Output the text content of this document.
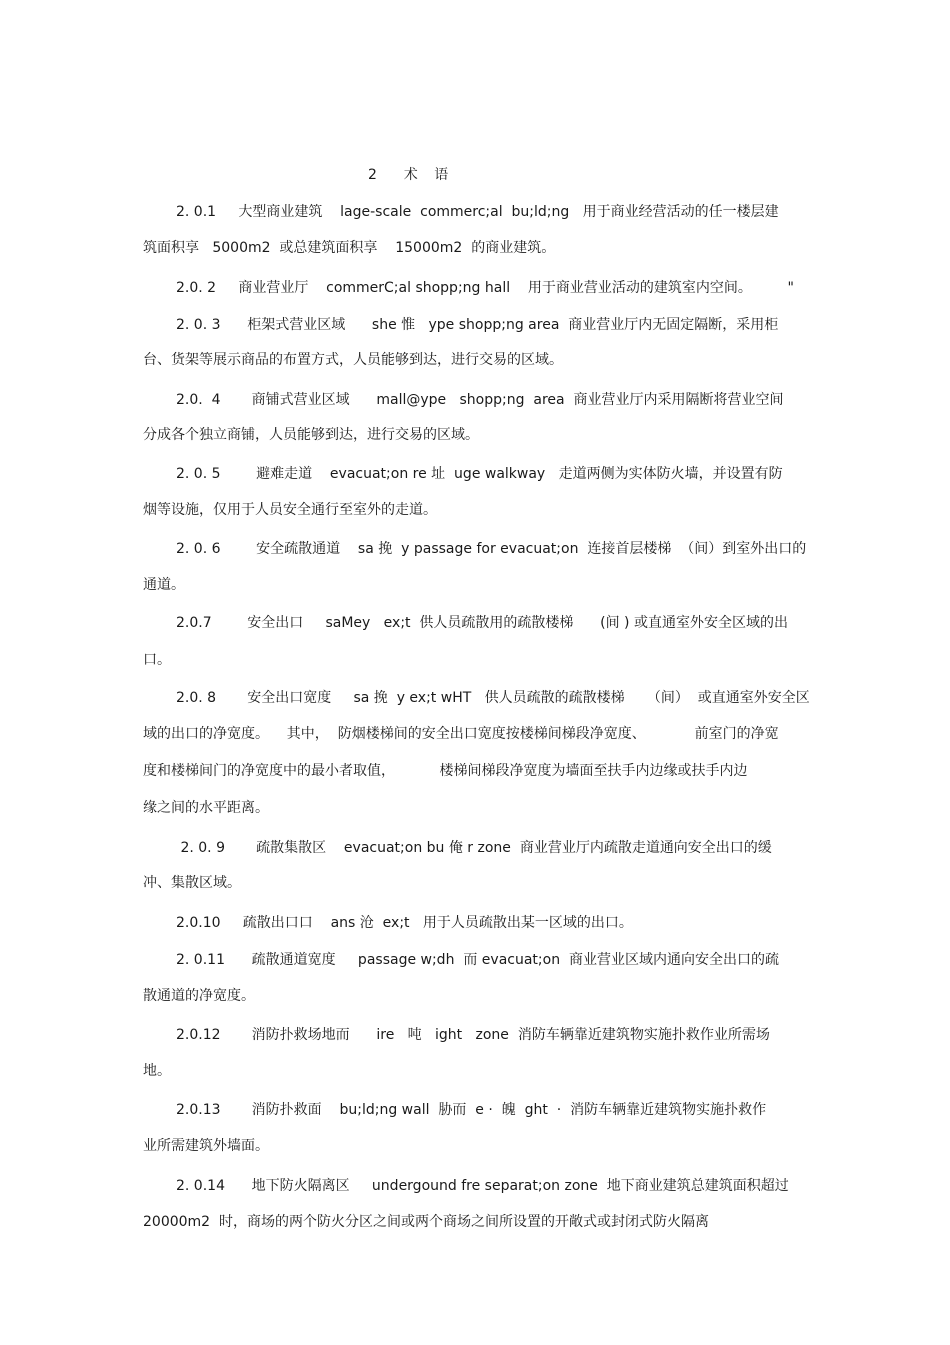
2  术 语
2. 0.1     大型商业建筑    lage-scale  commerc;al  bu;ld;ng   用于商业经营活动的任一楼层建
筑面积享   5000m2  或总建筑面积享    15000m2  的商业建筑。
2.0. 2     商业营业厅    commerC;al shopp;ng hall    用于商业营业活动的建筑室内空间。        "
2. 0. 3      柜架式营业区域      she 惟   ype shopp;ng area  商业营业厅内无固定隔断，采用柜
台、货架等展示商品的布置方式，人员能够到达，进行交易的区域。
2.0.  4       商铺式营业区域      mall@ype   shopp;ng  area  商业营业厅内采用隔断将营业空间
分成各个独立商铺，人员能够到达，进行交易的区域。
2. 0. 5        避难走道    evacuat;on re 址  uge walkway   走道两侧为实体防火墙，并设置有防
烟等设施，仅用于人员安全通行至室外的走道。
2. 0. 6        安全疏散通道    sa 挽  y passage for evacuat;on  连接首层楼梯  （间）到室外出口的
通道。
2.0.7        安全出口     saMey   ex;t  供人员疏散用的疏散楼梯      (间 ) 或直通室外安全区域的出
口。
2.0. 8       安全出口宽度     sa 挽  y ex;t wHT   供人员疏散的疏散楼梯     （间）  或直通室外安全区
域的出口的净宽度。    其中，  防烟楼梯间的安全出口宽度按楼梯间梯段净宽度、           前室门的净宽
度和楼梯间门的净宽度中的最小者取值，          楼梯间梯段净宽度为墙面至扶手内边缘或扶手内边
缘之间的水平距离。
2. 0. 9       疏散集散区    evacuat;on bu 俺 r zone  商业营业厅内疏散走道通向安全出口的缓
冲、集散区域。
2.0.10     疏散出口口    ans 沧  ex;t   用于人员疏散出某一区域的出口。
2. 0.11      疏散通道宽度     passage w;dh  而 evacuat;on  商业营业区域内通向安全出口的疏
散通道的净宽度。
2.0.12       消防扑救场地而      ire   吨   ight   zone  消防车辆靠近建筑物实施扑救作业所需场
地。
2.0.13       消防扑救面    bu;ld;ng wall  胁而  e ·  魄  ght  ·  消防车辆靠近建筑物实施扑救作
业所需建筑外墙面。
2. 0.14      地下防火隔离区     undergound fre separat;on zone  地下商业建筑总建筑面积超过
20000m2  时，商场的两个防火分区之间或两个商场之间所设置的开敞式或封闭式防火隔离
